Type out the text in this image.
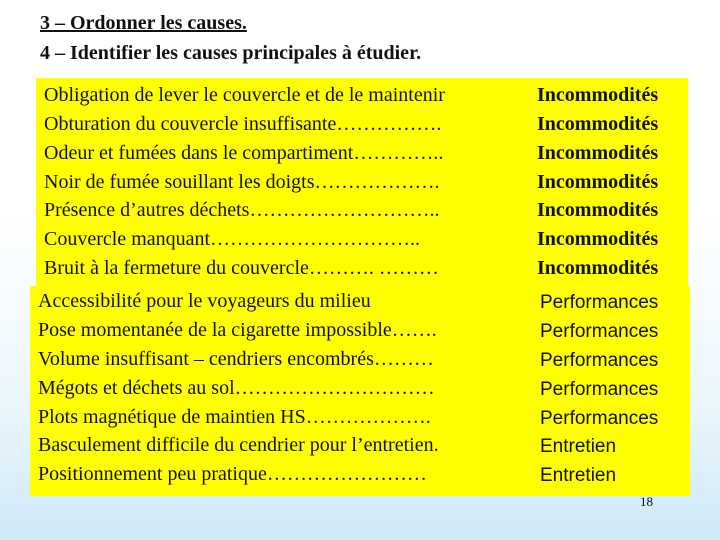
3 – Ordonner les causes.
4 – Identifier les causes principales à étudier.
Obligation de lever le couvercle et de le maintenir	Incommodités
Obturation du couvercle insuffisante…………….	Incommodités
Odeur et fumées dans le compartiment…………..	Incommodités
Noir de fumée souillant les doigts……………….	Incommodités
Présence d’autres déchets………………………..	Incommodités
Couvercle manquant…………………………..	Incommodités
Bruit à la fermeture du couvercle………. ………	Incommodités
Accessibilité pour le voyageurs du milieu	Performances
Pose momentanée de la cigarette impossible…….	Performances
Volume insuffisant – cendriers encombrés………	Performances
Mégots et déchets au sol…………………………	Performances
Plots magnétique de maintien HS……………….	Performances
Basculement difficile du cendrier pour l’entretien.	Entretien
Positionnement peu pratique……………………	Entretien
18
